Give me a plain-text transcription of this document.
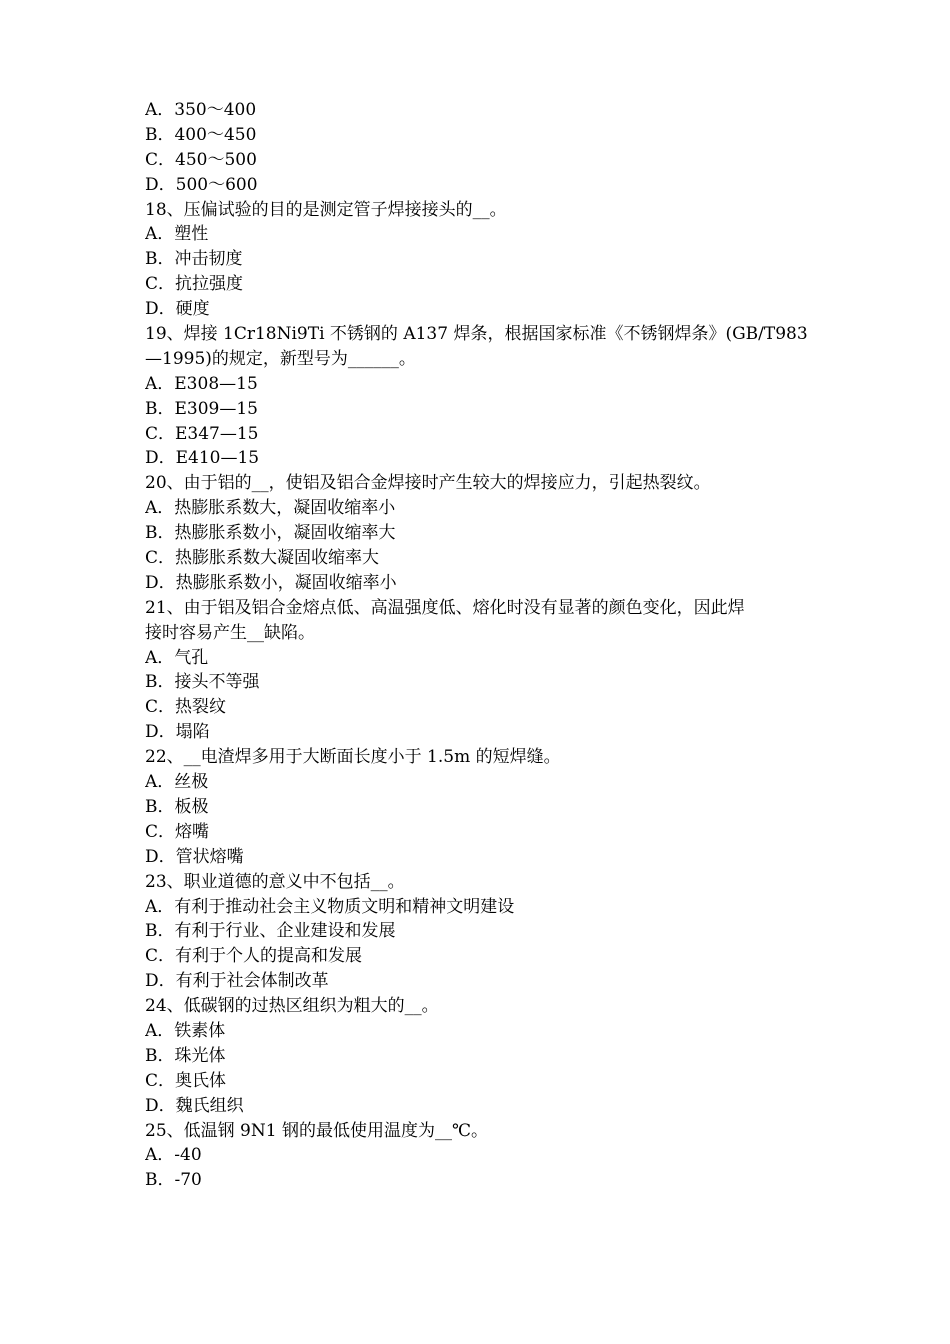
A．350～400
B．400～450
C．450～500
D．500～600
18、压偏试验的目的是测定管子焊接接头的__。
A．塑性
B．冲击韧度
C．抗拉强度
D．硬度
19、焊接 1Cr18Ni9Ti 不锈钢的 A137 焊条，根据国家标准《不锈钢焊条》(GB/T983
—1995)的规定，新型号为______。
A．E308—15
B．E309—15
C．E347—15
D．E410—15
20、由于铝的__，使铝及铝合金焊接时产生较大的焊接应力，引起热裂纹。
A．热膨胀系数大，凝固收缩率小
B．热膨胀系数小，凝固收缩率大
C．热膨胀系数大凝固收缩率大
D．热膨胀系数小，凝固收缩率小
21、由于铝及铝合金熔点低、高温强度低、熔化时没有显著的颜色变化，因此焊
接时容易产生__缺陷。
A．气孔
B．接头不等强
C．热裂纹
D．塌陷
22、__电渣焊多用于大断面长度小于 1.5m 的短焊缝。
A．丝极
B．板极
C．熔嘴
D．管状熔嘴
23、职业道德的意义中不包括__。
A．有利于推动社会主义物质文明和精神文明建设
B．有利于行业、企业建设和发展
C．有利于个人的提高和发展
D．有利于社会体制改革
24、低碳钢的过热区组织为粗大的__。
A．铁素体
B．珠光体
C．奥氏体
D．魏氏组织
25、低温钢 9N1 钢的最低使用温度为__℃。
A．-40
B．-70
